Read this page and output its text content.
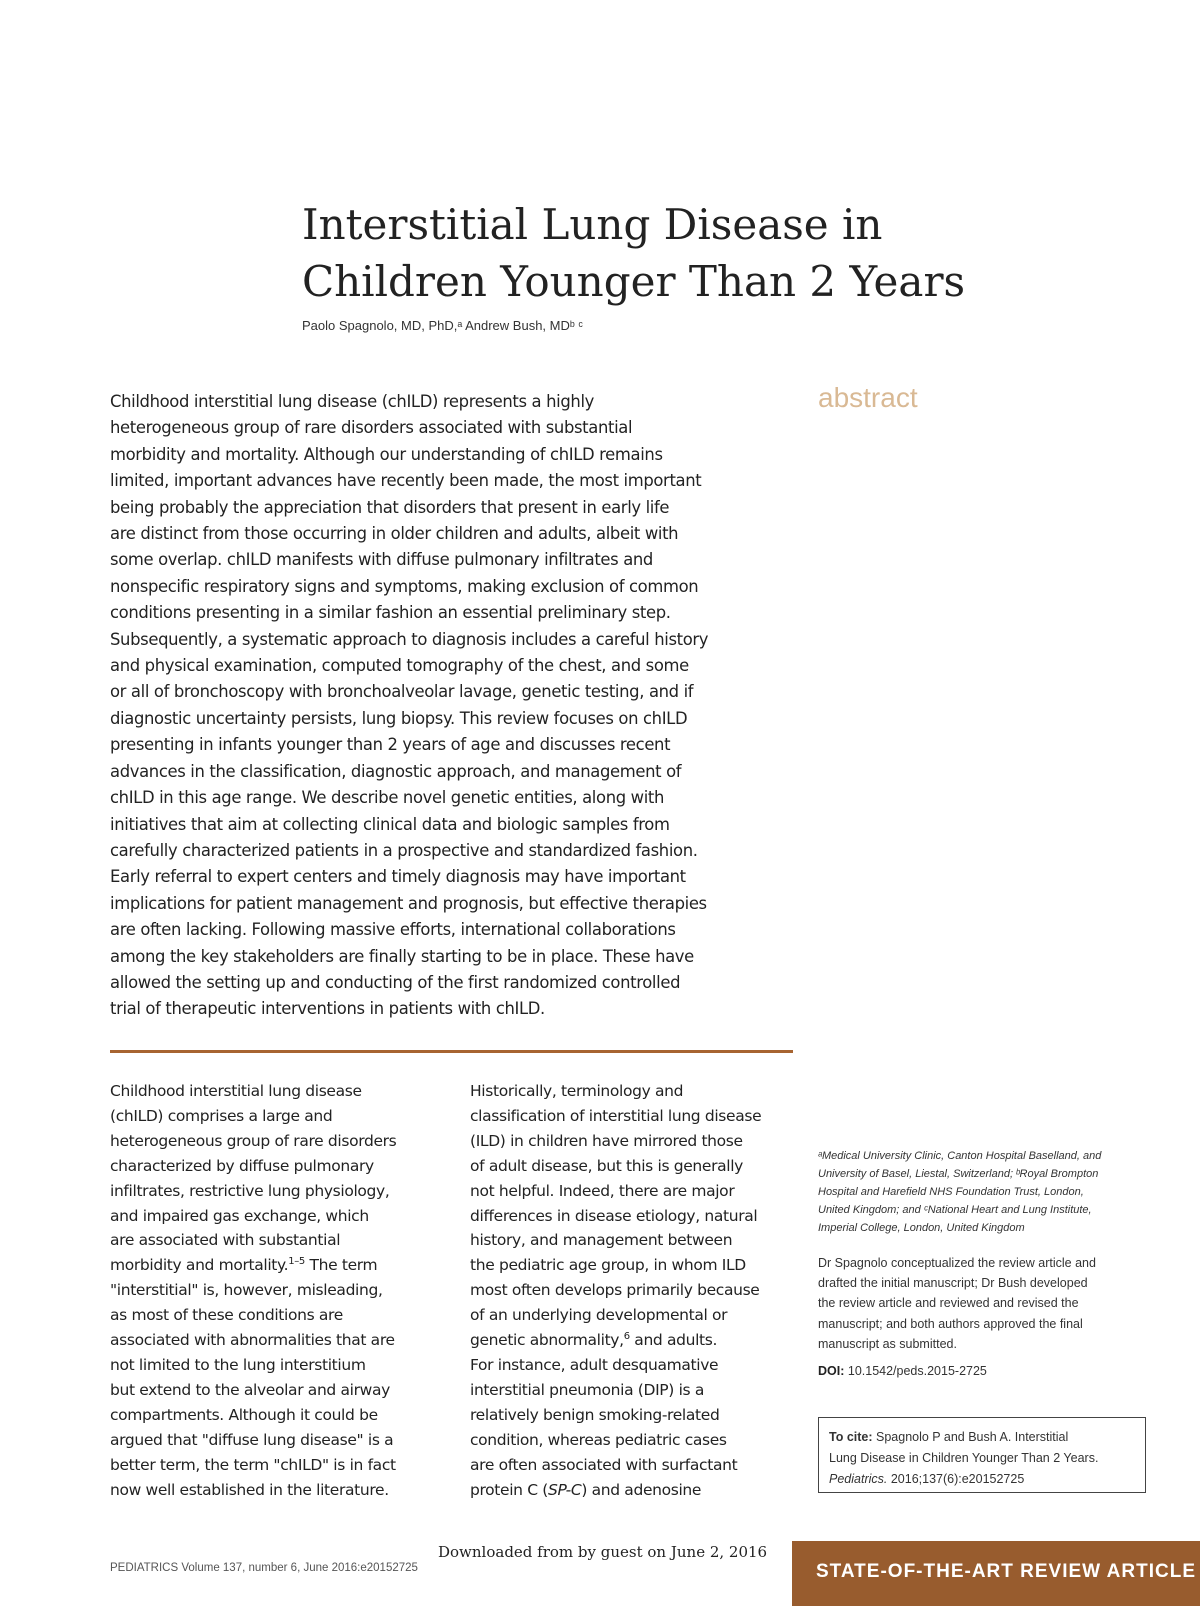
Interstitial Lung Disease in
Children Younger Than 2 Years
Paolo Spagnolo, MD, PhD,ᵃ Andrew Bush, MDᵇ ᶜ
abstract
Childhood interstitial lung disease (chILD) represents a highly
heterogeneous group of rare disorders associated with substantial
morbidity and mortality. Although our understanding of chILD remains
limited, important advances have recently been made, the most important
being probably the appreciation that disorders that present in early life
are distinct from those occurring in older children and adults, albeit with
some overlap. chILD manifests with diffuse pulmonary infiltrates and
nonspecific respiratory signs and symptoms, making exclusion of common
conditions presenting in a similar fashion an essential preliminary step.
Subsequently, a systematic approach to diagnosis includes a careful history
and physical examination, computed tomography of the chest, and some
or all of bronchoscopy with bronchoalveolar lavage, genetic testing, and if
diagnostic uncertainty persists, lung biopsy. This review focuses on chILD
presenting in infants younger than 2 years of age and discusses recent
advances in the classification, diagnostic approach, and management of
chILD in this age range. We describe novel genetic entities, along with
initiatives that aim at collecting clinical data and biologic samples from
carefully characterized patients in a prospective and standardized fashion.
Early referral to expert centers and timely diagnosis may have important
implications for patient management and prognosis, but effective therapies
are often lacking. Following massive efforts, international collaborations
among the key stakeholders are finally starting to be in place. These have
allowed the setting up and conducting of the first randomized controlled
trial of therapeutic interventions in patients with chILD.
Childhood interstitial lung disease
(chILD) comprises a large and
heterogeneous group of rare disorders
characterized by diffuse pulmonary
infiltrates, restrictive lung physiology,
and impaired gas exchange, which
are associated with substantial
morbidity and mortality.$^{1-5}$ The term
"interstitial" is, however, misleading,
as most of these conditions are
associated with abnormalities that are
not limited to the lung interstitium
but extend to the alveolar and airway
compartments. Although it could be
argued that "diffuse lung disease" is a
better term, the term "chILD" is in fact
now well established in the literature.
Historically, terminology and
classification of interstitial lung disease
(ILD) in children have mirrored those
of adult disease, but this is generally
not helpful. Indeed, there are major
differences in disease etiology, natural
history, and management between
the pediatric age group, in whom ILD
most often develops primarily because
of an underlying developmental or
genetic abnormality,$^6$ and adults.
For instance, adult desquamative
interstitial pneumonia (DIP) is a
relatively benign smoking-related
condition, whereas pediatric cases
are often associated with surfactant
protein C (SP-C) and adenosine
ᵃMedical University Clinic, Canton Hospital Baselland, and
University of Basel, Liestal, Switzerland; ᵇRoyal Brompton
Hospital and Harefield NHS Foundation Trust, London,
United Kingdom; and ᶜNational Heart and Lung Institute,
Imperial College, London, United Kingdom
Dr Spagnolo conceptualized the review article and
drafted the initial manuscript; Dr Bush developed
the review article and reviewed and revised the
manuscript; and both authors approved the final
manuscript as submitted.
DOI: 10.1542/peds.2015-2725
To cite: Spagnolo P and Bush A. Interstitial
Lung Disease in Children Younger Than 2 Years.
Pediatrics. 2016;137(6):e20152725
PEDIATRICS Volume 137, number 6, June 2016:e20152725
Downloaded from by guest on June 2, 2016
STATE-OF-THE-ART REVIEW ARTICLE
